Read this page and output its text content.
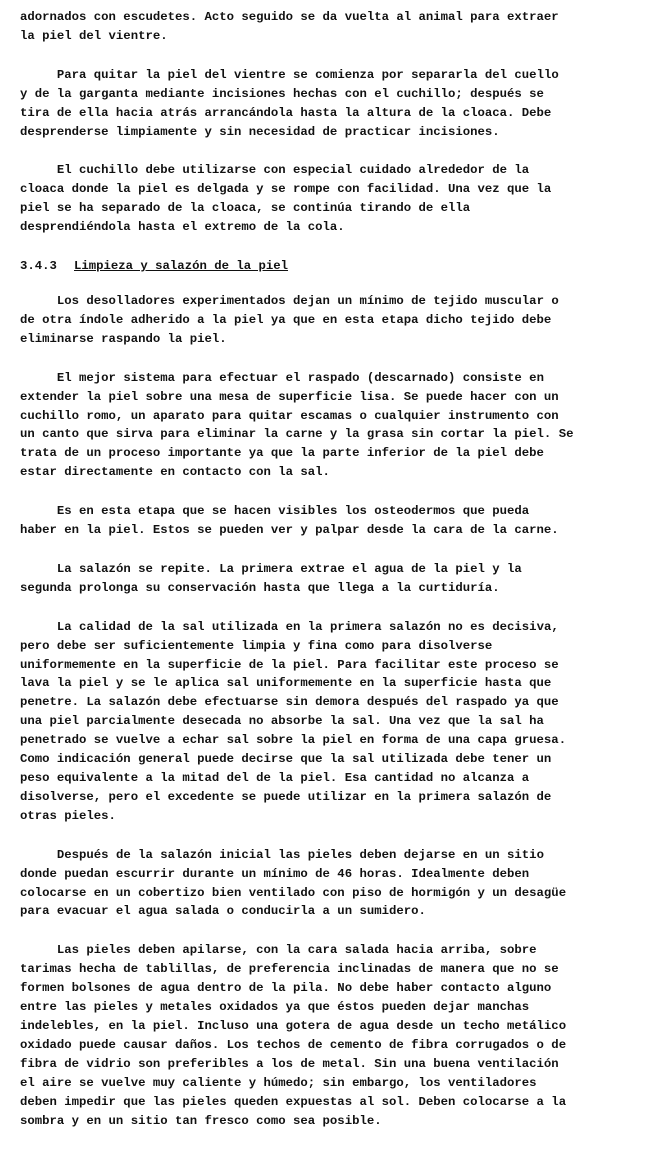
adornados con escudetes. Acto seguido se da vuelta al animal para extraer
la piel del vientre.

Para quitar la piel del vientre se comienza por separarla del cuello
y de la garganta mediante incisiones hechas con el cuchillo; después se
tira de ella hacia atrás arrancándola hasta la altura de la cloaca. Debe
desprenderse limpiamente y sin necesidad de practicar incisiones.

El cuchillo debe utilizarse con especial cuidado alrededor de la
cloaca donde la piel es delgada y se rompe con facilidad. Una vez que la
piel se ha separado de la cloaca, se continúa tirando de ella
desprendiéndola hasta el extremo de la cola.

3.4.3 Limpieza y salazón de la piel

Los desolladores experimentados dejan un mínimo de tejido muscular o
de otra índole adherido a la piel ya que en esta etapa dicho tejido debe
eliminarse raspando la piel.

El mejor sistema para efectuar el raspado (descarnado) consiste en
extender la piel sobre una mesa de superficie lisa. Se puede hacer con un
cuchillo romo, un aparato para quitar escamas o cualquier instrumento con
un canto que sirva para eliminar la carne y la grasa sin cortar la piel. Se
trata de un proceso importante ya que la parte inferior de la piel debe
estar directamente en contacto con la sal.

Es en esta etapa que se hacen visibles los osteodermos que pueda
haber en la piel. Estos se pueden ver y palpar desde la cara de la carne.

La salazón se repite. La primera extrae el agua de la piel y la
segunda prolonga su conservación hasta que llega a la curtiduría.

La calidad de la sal utilizada en la primera salazón no es decisiva,
pero debe ser suficientemente limpia y fina como para disolverse
uniformemente en la superficie de la piel. Para facilitar este proceso se
lava la piel y se le aplica sal uniformemente en la superficie hasta que
penetre. La salazón debe efectuarse sin demora después del raspado ya que
una piel parcialmente desecada no absorbe la sal. Una vez que la sal ha
penetrado se vuelve a echar sal sobre la piel en forma de una capa gruesa.
Como indicación general puede decirse que la sal utilizada debe tener un
peso equivalente a la mitad del de la piel. Esa cantidad no alcanza a
disolverse, pero el excedente se puede utilizar en la primera salazón de
otras pieles.

Después de la salazón inicial las pieles deben dejarse en un sitio
donde puedan escurrir durante un mínimo de 46 horas. Idealmente deben
colocarse en un cobertizo bien ventilado con piso de hormigón y un desagüe
para evacuar el agua salada o conducirla a un sumidero.

Las pieles deben apilarse, con la cara salada hacia arriba, sobre
tarimas hecha de tablillas, de preferencia inclinadas de manera que no se
formen bolsones de agua dentro de la pila. No debe haber contacto alguno
entre las pieles y metales oxidados ya que éstos pueden dejar manchas
indelebles, en la piel. Incluso una gotera de agua desde un techo metálico
oxidado puede causar daños. Los techos de cemento de fibra corrugados o de
fibra de vidrio son preferibles a los de metal. Sin una buena ventilación
el aire se vuelve muy caliente y húmedo; sin embargo, los ventiladores
deben impedir que las pieles queden expuestas al sol. Deben colocarse a la
sombra y en un sitio tan fresco como sea posible.
